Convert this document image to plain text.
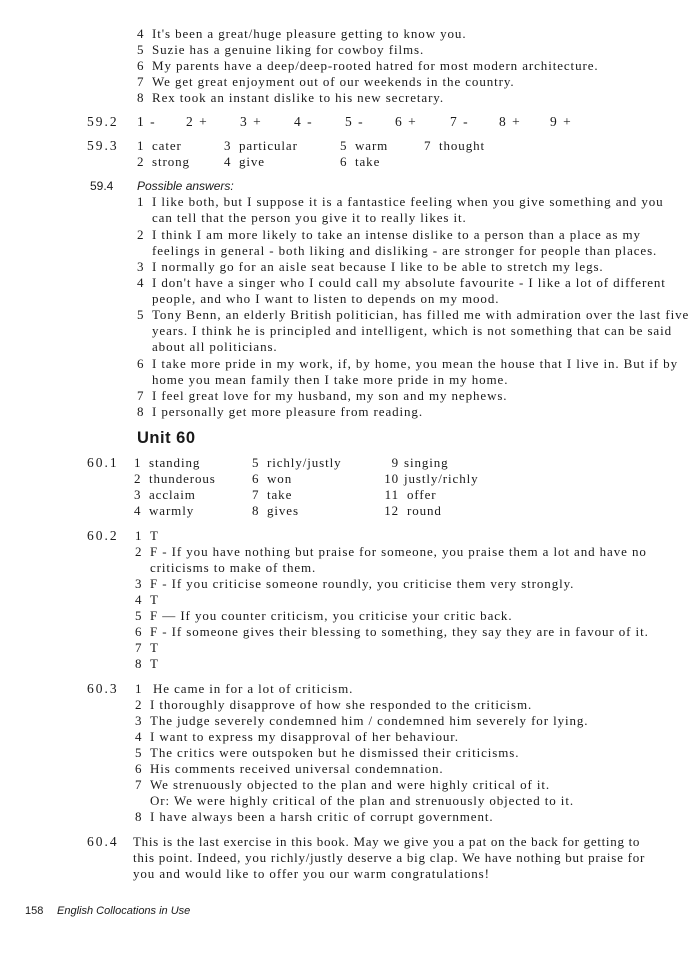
4 It's been a great/huge pleasure getting to know you.
5 Suzie has a genuine liking for cowboy films.
6 My parents have a deep/deep-rooted hatred for most modern architecture.
7 We get great enjoyment out of our weekends in the country.
8 Rex took an instant dislike to his new secretary.
59.2 1 - 2 + 3 + 4 - 5 - 6 + 7 - 8 + 9 +
59.3 1 cater
2 strong
3 particular
4 give
5 warm
6 take
7 thought
59.4 Possible answers:
1 I like both, but I suppose it is a fantastice feeling when you give something and you
can tell that the person you give it to really likes it.
2 I think I am more likely to take an intense dislike to a person than a place as my
feelings in general - both liking and disliking - are stronger for people than places.
3 I normally go for an aisle seat because I like to be able to stretch my legs.
4 I don't have a singer who I could call my absolute favourite - I like a lot of different
people, and who I want to listen to depends on my mood.
5 Tony Benn, an elderly British politician, has filled me with admiration over the last five
years. I think he is principled and intelligent, which is not something that can be said
about all politicians.
6 I take more pride in my work, if, by home, you mean the house that I live in. But if by
home you mean family then I take more pride in my home.
7 I feel great love for my husband, my son and my nephews.
8 I personally get more pleasure from reading.
Unit 60
60.1 1 standing
2 thunderous
3 acclaim
4 warmly
5 richly/justly
6 won
7 take
8 gives
9 singing
10 justly/richly
11 offer
12 round
60.2 1 T
2 F - If you have nothing but praise for someone, you praise them a lot and have no
criticisms to make of them.
3 F - If you criticise someone roundly, you criticise them very strongly.
4 T
5 F — If you counter criticism, you criticise your critic back.
6 F - If someone gives their blessing to something, they say they are in favour of it.
7 T
8 T
60.3 1 He came in for a lot of criticism.
2 I thoroughly disapprove of how she responded to the criticism.
3 The judge severely condemned him / condemned him severely for lying.
4 I want to express my disapproval of her behaviour.
5 The critics were outspoken but he dismissed their criticisms.
6 His comments received universal condemnation.
7 We strenuously objected to the plan and were highly critical of it.
Or: We were highly critical of the plan and strenuously objected to it.
8 I have always been a harsh critic of corrupt government.
60.4 This is the last exercise in this book. May we give you a pat on the back for getting to
this point. Indeed, you richly/justly deserve a big clap. We have nothing but praise for
you and would like to offer you our warm congratulations!
158 English Collocations in Use
